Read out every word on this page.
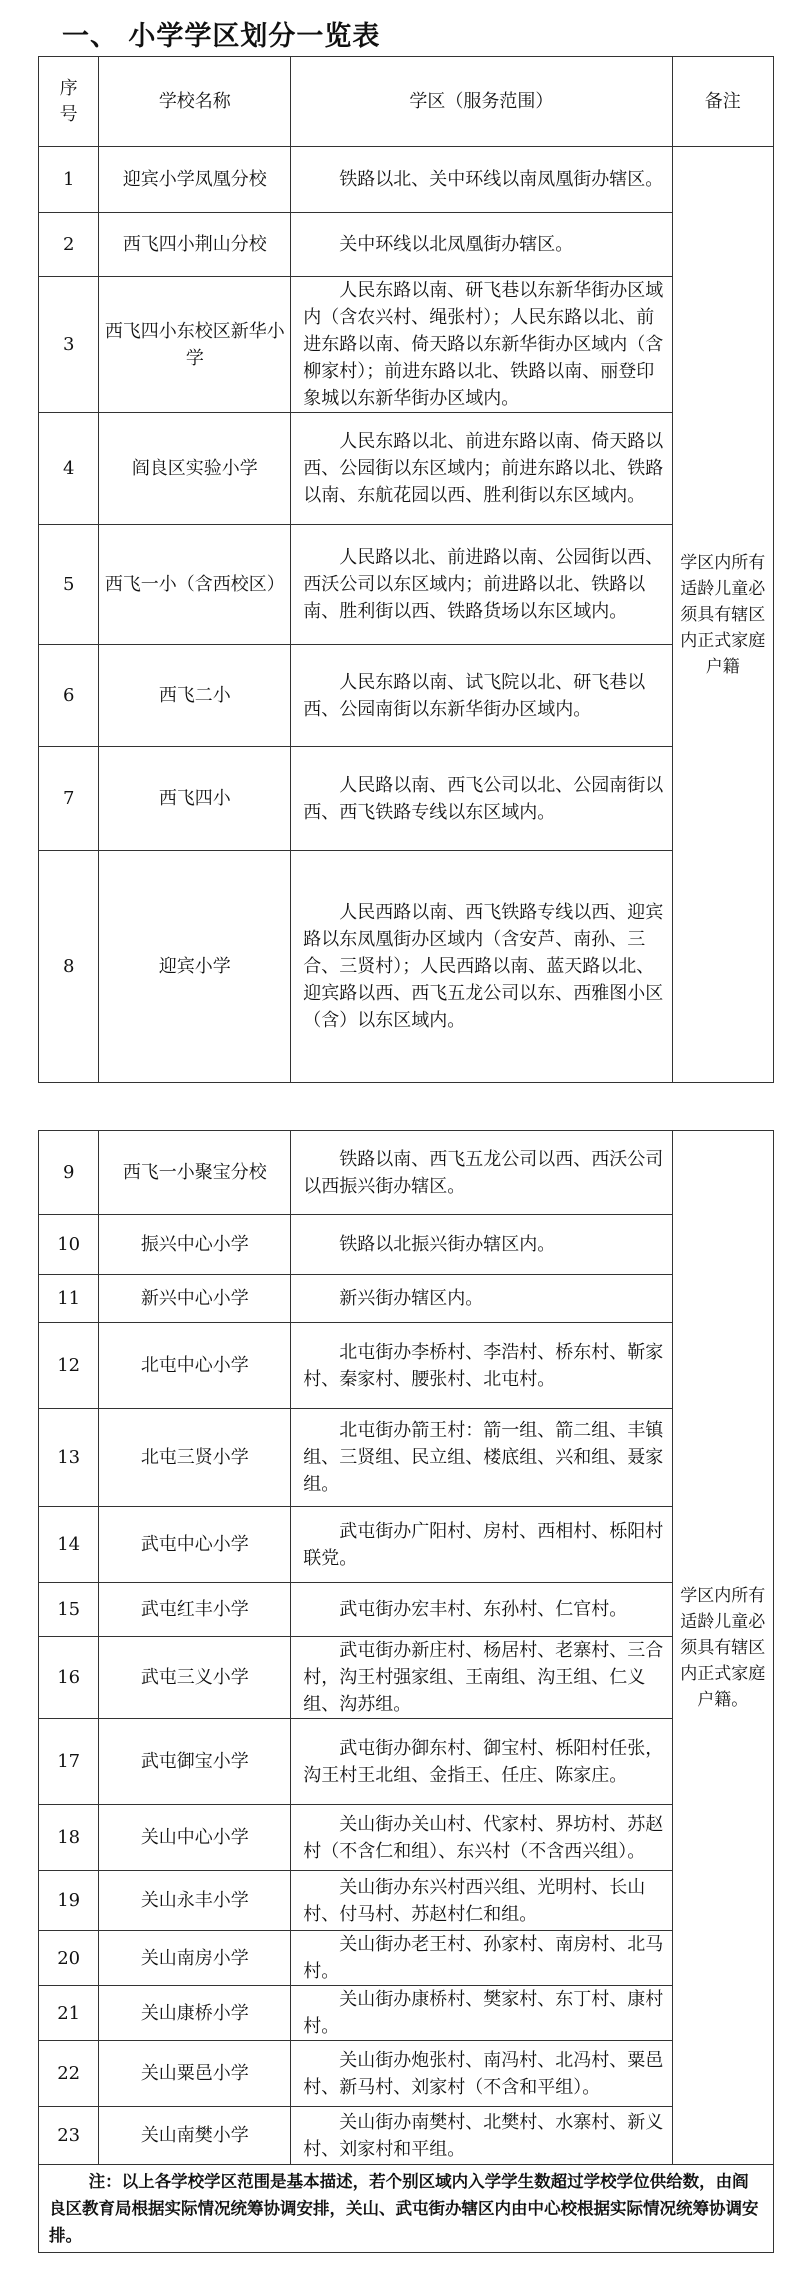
一、 小学学区划分一览表
序号	学校名称	学区（服务范围）	备注
1	迎宾小学凤凰分校	铁路以北、关中环线以南凤凰街办辖区。	学区内所有适龄儿童必须具有辖区内正式家庭户籍
2	西飞四小荆山分校	关中环线以北凤凰街办辖区。	
3	西飞四小东校区新华小学	人民东路以南、研飞巷以东新华街办区域内（含农兴村、绳张村）；人民东路以北、前进东路以南、倚天路以东新华街办区域内（含柳家村）；前进东路以北、铁路以南、丽登印象城以东新华街办区域内。	
4	阎良区实验小学	人民东路以北、前进东路以南、倚天路以西、公园街以东区域内；前进东路以北、铁路以南、东航花园以西、胜利街以东区域内。	
5	西飞一小（含西校区）	人民路以北、前进路以南、公园街以西、西沃公司以东区域内；前进路以北、铁路以南、胜利街以西、铁路货场以东区域内。	
6	西飞二小	人民东路以南、试飞院以北、研飞巷以西、公园南街以东新华街办区域内。	
7	西飞四小	人民路以南、西飞公司以北、公园南街以西、西飞铁路专线以东区域内。	
8	迎宾小学	人民西路以南、西飞铁路专线以西、迎宾路以东凤凰街办区域内（含安芦、南孙、三合、三贤村）；人民西路以南、蓝天路以北、迎宾路以西、西飞五龙公司以东、西雅图小区（含）以东区域内。	
9	西飞一小聚宝分校	铁路以南、西飞五龙公司以西、西沃公司以西振兴街办辖区。	学区内所有适龄儿童必须具有辖区内正式家庭户籍。
10	振兴中心小学	铁路以北振兴街办辖区内。	
11	新兴中心小学	新兴街办辖区内。	
12	北屯中心小学	北屯街办李桥村、李浩村、桥东村、靳家村、秦家村、腰张村、北屯村。	
13	北屯三贤小学	北屯街办箭王村：箭一组、箭二组、丰镇组、三贤组、民立组、楼底组、兴和组、聂家组。	
14	武屯中心小学	武屯街办广阳村、房村、西相村、栎阳村联党。	
15	武屯红丰小学	武屯街办宏丰村、东孙村、仁官村。	
16	武屯三义小学	武屯街办新庄村、杨居村、老寨村、三合村，沟王村强家组、王南组、沟王组、仁义组、沟苏组。	
17	武屯御宝小学	武屯街办御东村、御宝村、栎阳村任张，沟王村王北组、金指王、任庄、陈家庄。	
18	关山中心小学	关山街办关山村、代家村、界坊村、苏赵村（不含仁和组）、东兴村（不含西兴组）。	
19	关山永丰小学	关山街办东兴村西兴组、光明村、长山村、付马村、苏赵村仁和组。	
20	关山南房小学	关山街办老王村、孙家村、南房村、北马村。	
21	关山康桥小学	关山街办康桥村、樊家村、东丁村、康村村。	
22	关山粟邑小学	关山街办炮张村、南冯村、北冯村、粟邑村、新马村、刘家村（不含和平组）。	
23	关山南樊小学	关山街办南樊村、北樊村、水寨村、新义村、刘家村和平组。	
注：以上各学校学区范围是基本描述，若个别区域内入学学生数超过学校学位供给数，由阎良区教育局根据实际情况统筹协调安排，关山、武屯街办辖区内由中心校根据实际情况统筹协调安排。			
